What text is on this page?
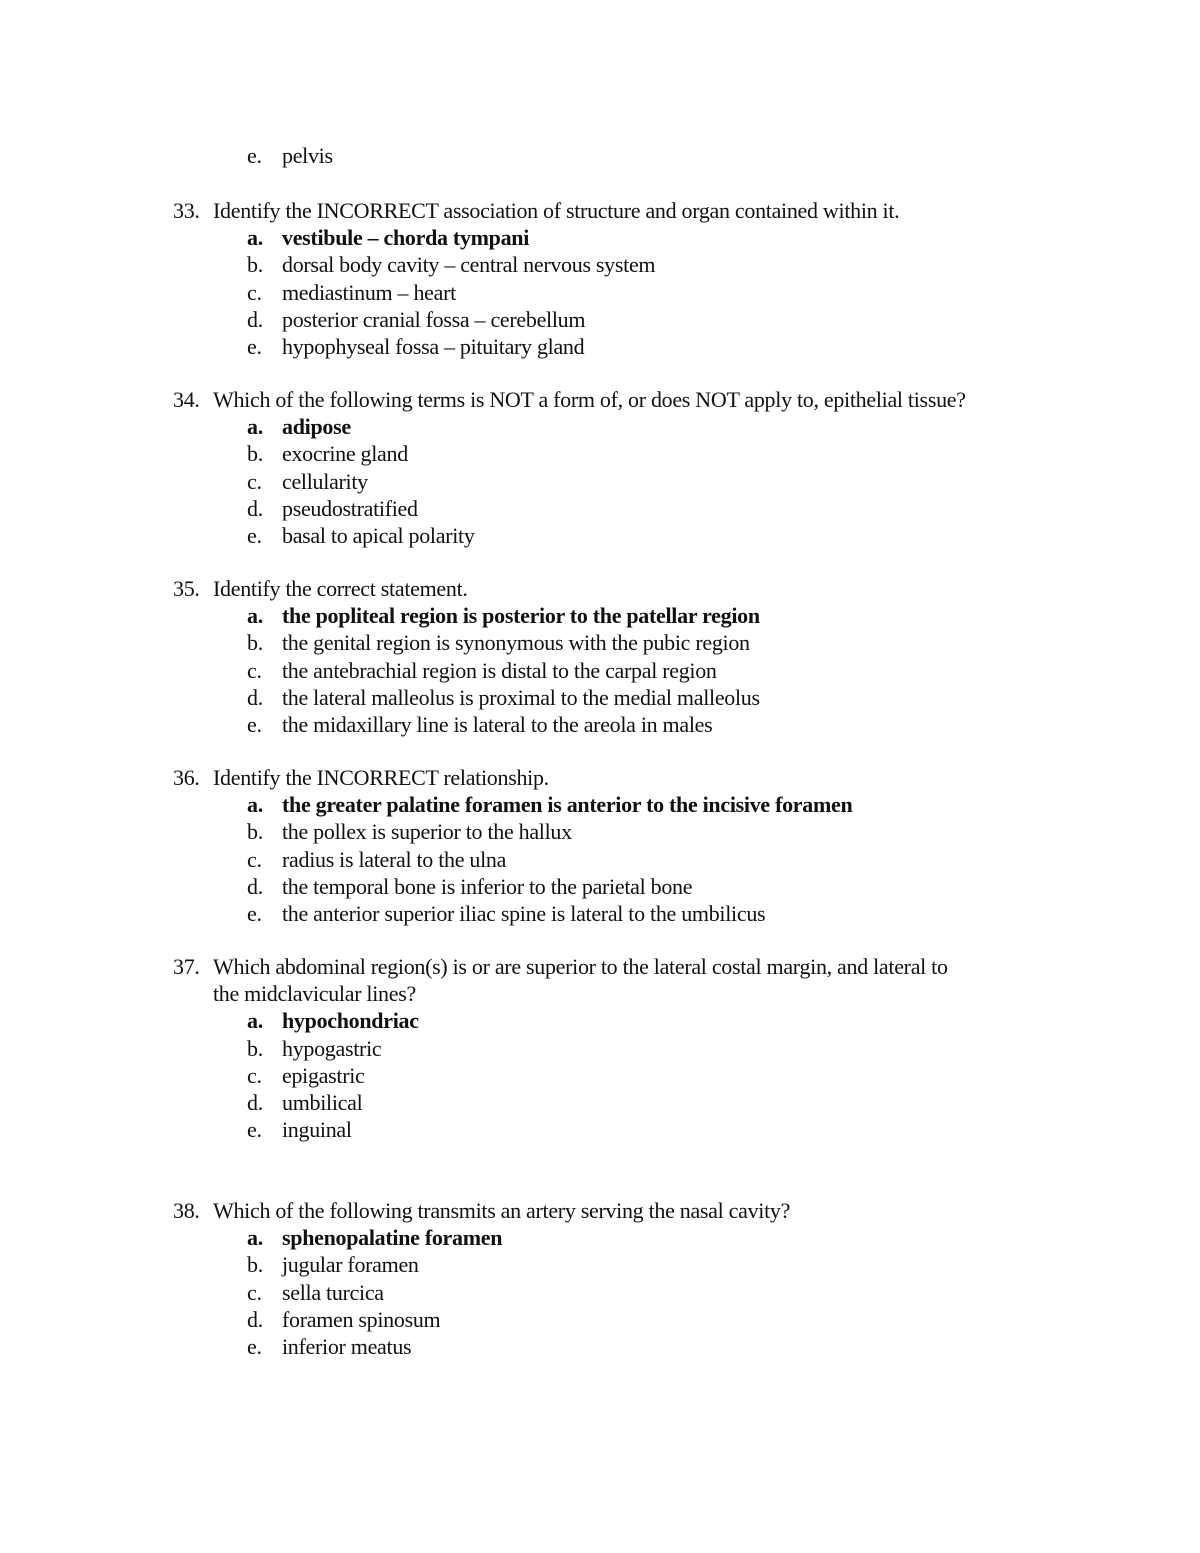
e. pelvis
33. Identify the INCORRECT association of structure and organ contained within it.
a. vestibule – chorda tympani
b. dorsal body cavity – central nervous system
c. mediastinum – heart
d. posterior cranial fossa – cerebellum
e. hypophyseal fossa – pituitary gland
34. Which of the following terms is NOT a form of, or does NOT apply to, epithelial tissue?
a. adipose
b. exocrine gland
c. cellularity
d. pseudostratified
e. basal to apical polarity
35. Identify the correct statement.
a. the popliteal region is posterior to the patellar region
b. the genital region is synonymous with the pubic region
c. the antebrachial region is distal to the carpal region
d. the lateral malleolus is proximal to the medial malleolus
e. the midaxillary line is lateral to the areola in males
36. Identify the INCORRECT relationship.
a. the greater palatine foramen is anterior to the incisive foramen
b. the pollex is superior to the hallux
c. radius is lateral to the ulna
d. the temporal bone is inferior to the parietal bone
e. the anterior superior iliac spine is lateral to the umbilicus
37. Which abdominal region(s) is or are superior to the lateral costal margin, and lateral to
the midclavicular lines?
a. hypochondriac
b. hypogastric
c. epigastric
d. umbilical
e. inguinal
38. Which of the following transmits an artery serving the nasal cavity?
a. sphenopalatine foramen
b. jugular foramen
c. sella turcica
d. foramen spinosum
e. inferior meatus
